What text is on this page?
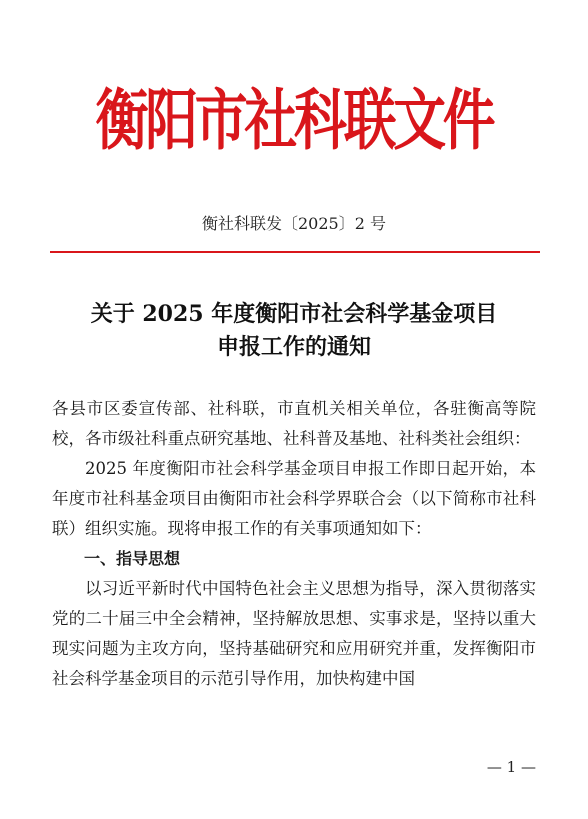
衡阳市社科联文件
衡社科联发〔2025〕2 号
关于 2025 年度衡阳市社会科学基金项目
申报工作的通知
各县市区委宣传部、社科联，市直机关相关单位，各驻衡高等院校，各市级社科重点研究基地、社科普及基地、社科类社会组织：
2025 年度衡阳市社会科学基金项目申报工作即日起开始，本年度市社科基金项目由衡阳市社会科学界联合会（以下简称市社科联）组织实施。现将申报工作的有关事项通知如下：
一、指导思想
以习近平新时代中国特色社会主义思想为指导，深入贯彻落实党的二十届三中全会精神，坚持解放思想、实事求是，坚持以重大现实问题为主攻方向，坚持基础研究和应用研究并重，发挥衡阳市社会科学基金项目的示范引导作用，加快构建中国
— 1 —
